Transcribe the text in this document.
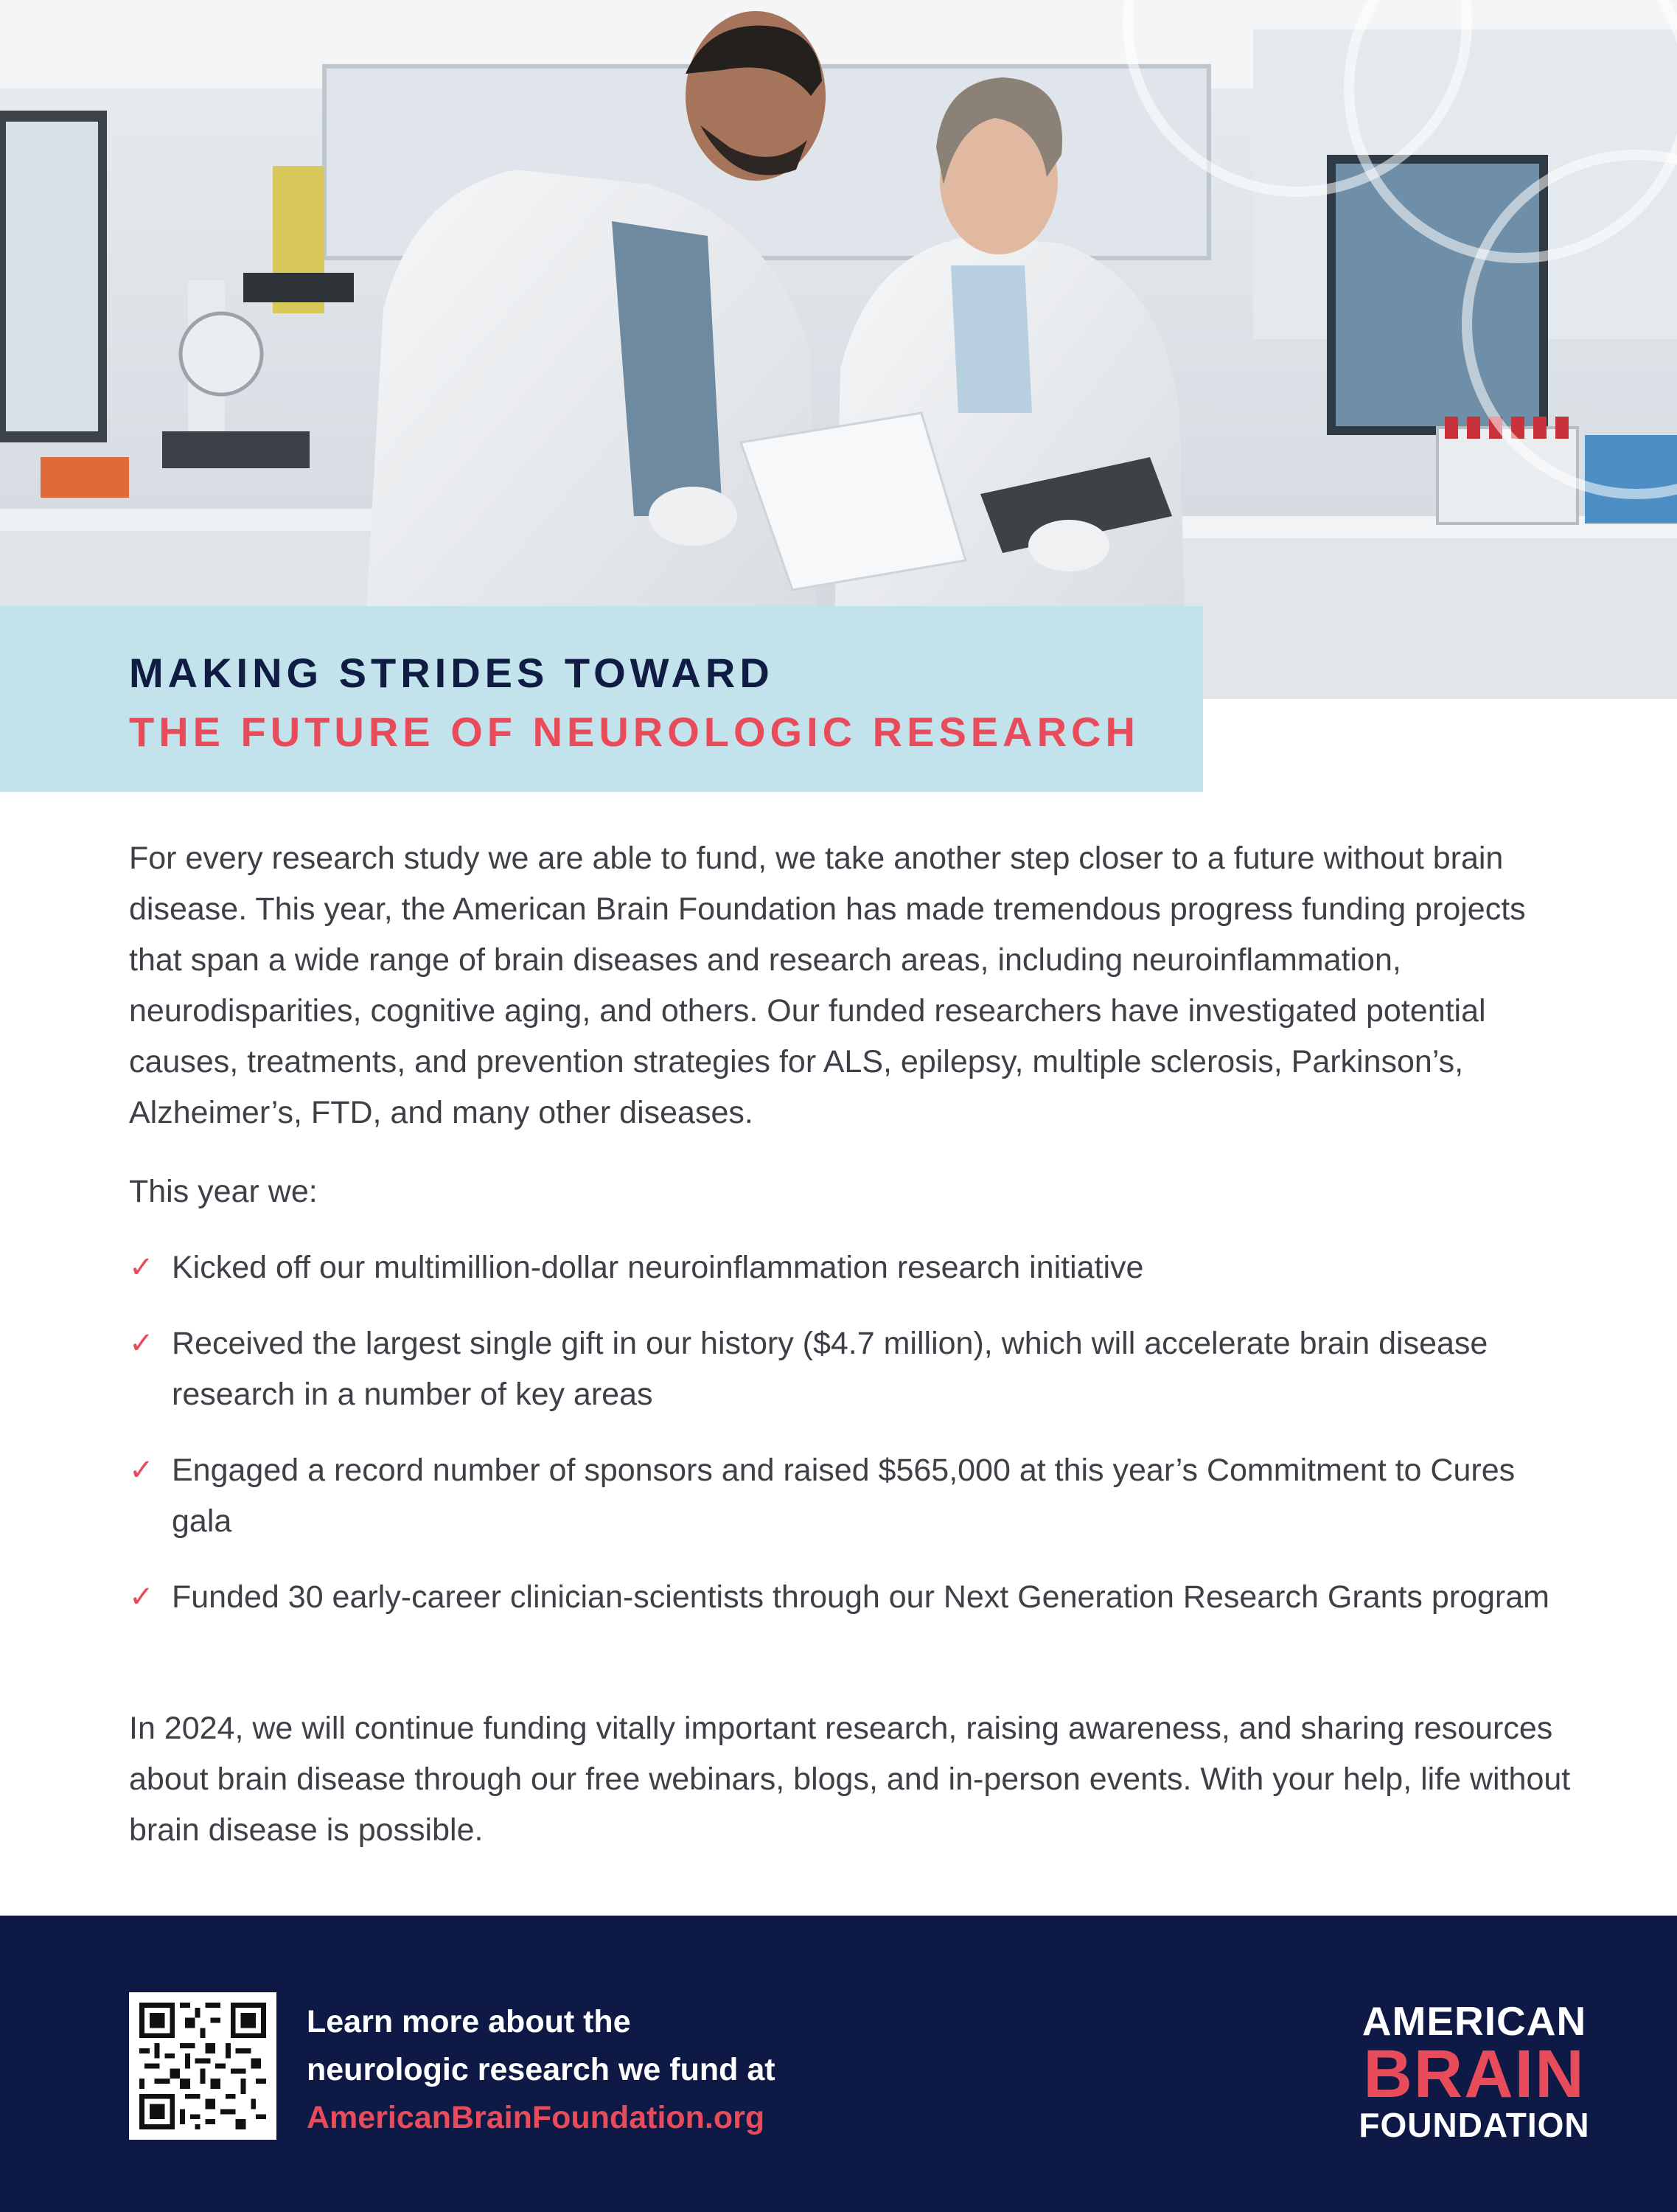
MAKING STRIDES TOWARD
THE FUTURE OF NEUROLOGIC RESEARCH
For every research study we are able to fund, we take another step closer to a future without brain disease. This year, the American Brain Foundation has made tremendous progress funding projects that span a wide range of brain diseases and research areas, including neuroinflammation, neurodisparities, cognitive aging, and others. Our funded researchers have investigated potential causes, treatments, and prevention strategies for ALS, epilepsy, multiple sclerosis, Parkinson’s, Alzheimer’s, FTD, and many other diseases.
This year we:
✓ Kicked off our multimillion-dollar neuroinflammation research initiative
✓ Received the largest single gift in our history ($4.7 million), which will accelerate brain disease research in a number of key areas
✓ Engaged a record number of sponsors and raised $565,000 at this year’s Commitment to Cures gala
✓ Funded 30 early-career clinician-scientists through our Next Generation Research Grants program
In 2024, we will continue funding vitally important research, raising awareness, and sharing resources about brain disease through our free webinars, blogs, and in-person events. With your help, life without brain disease is possible.
Learn more about the
neurologic research we fund at
AmericanBrainFoundation.org
AMERICAN
BRAIN
FOUNDATION
